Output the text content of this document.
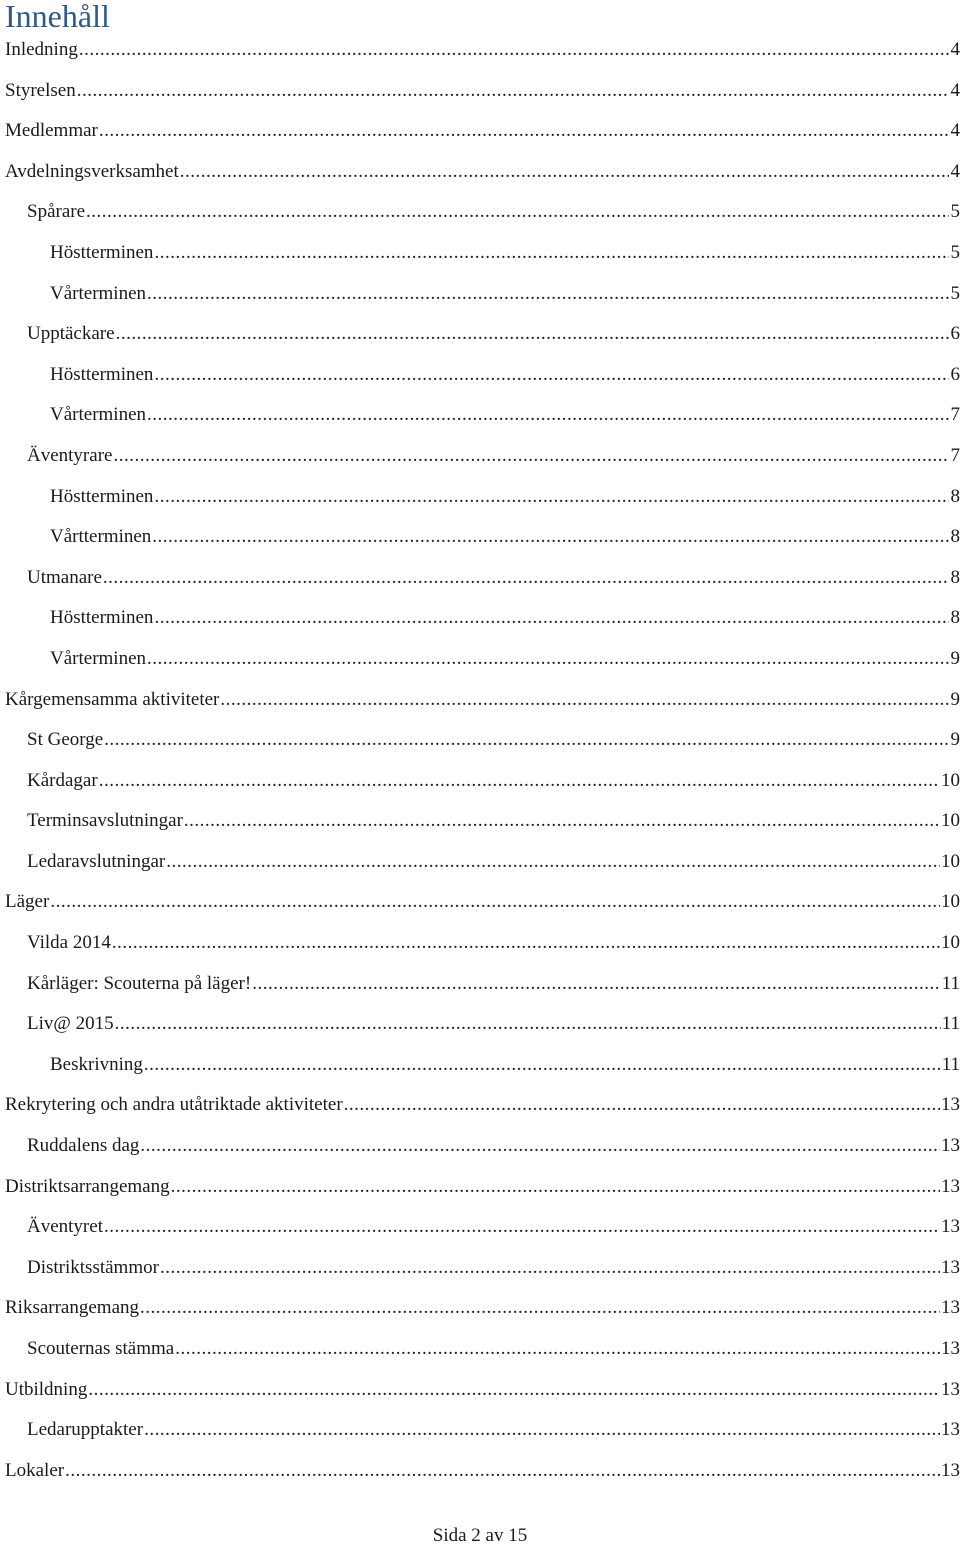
Innehåll
Inledning .....	4
Styrelsen .....	4
Medlemmar .....	4
Avdelningsverksamhet .....	4
Spårare .....	5
Höstterminen .....	5
Vårterminen .....	5
Upptäckare .....	6
Höstterminen .....	6
Vårterminen .....	7
Äventyrare .....	7
Höstterminen .....	8
Vårtterminen .....	8
Utmanare .....	8
Höstterminen .....	8
Vårterminen .....	9
Kårgemensamma aktiviteter .....	9
St George .....	9
Kårdagar .....	10
Terminsavslutningar .....	10
Ledaravslutningar .....	10
Läger .....	10
Vilda 2014 .....	10
Kårläger: Scouterna på läger! .....	11
Liv@ 2015 .....	11
Beskrivning .....	11
Rekrytering och andra utåtriktade aktiviteter .....	13
Ruddalens dag .....	13
Distriktsarrangemang .....	13
Äventyret .....	13
Distriktsstämmor .....	13
Riksarrangemang .....	13
Scouternas stämma .....	13
Utbildning .....	13
Ledarupptakter .....	13
Lokaler .....	13
Sida 2 av 15
